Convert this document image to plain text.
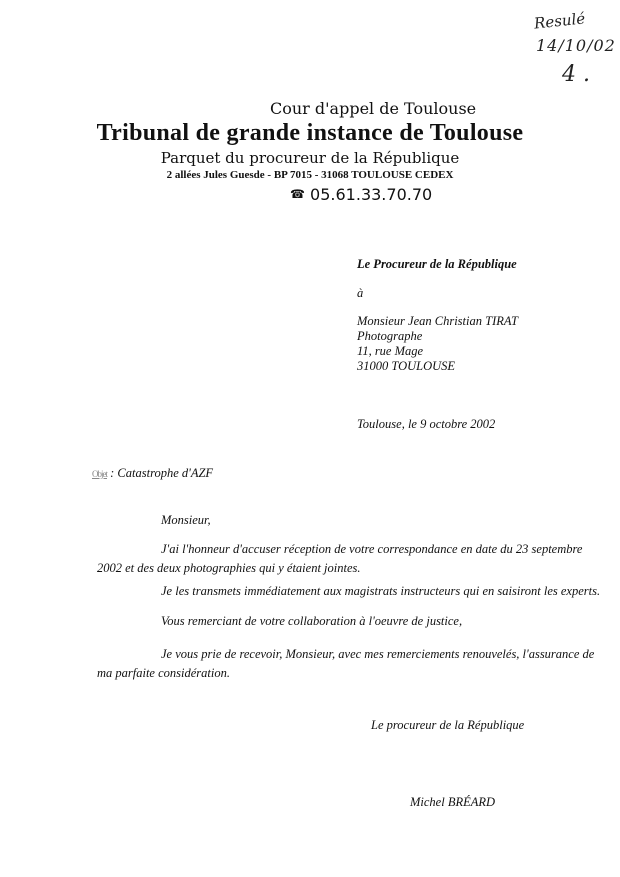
Resulé
14/10/02
4 .
Cour d'appel de Toulouse
Tribunal de grande instance de Toulouse
Parquet du procureur de la République
2 allées Jules Guesde - BP 7015 - 31068 TOULOUSE CEDEX
☎ 05.61.33.70.70
Le Procureur de la République
à
Monsieur Jean Christian TIRAT
Photographe
11, rue Mage
31000 TOULOUSE
Toulouse, le 9 octobre 2002
Objet : Catastrophe d'AZF
Monsieur,
J'ai l'honneur d'accuser réception de votre correspondance en date du 23 septembre 2002 et des deux photographies qui y étaient jointes.
Je les transmets immédiatement aux magistrats instructeurs qui en saisiront les experts.
Vous remerciant de votre collaboration à l'oeuvre de justice,
Je vous prie de recevoir, Monsieur, avec mes remerciements renouvelés, l'assurance de ma parfaite considération.
Le procureur de la République
Michel BRÉARD
